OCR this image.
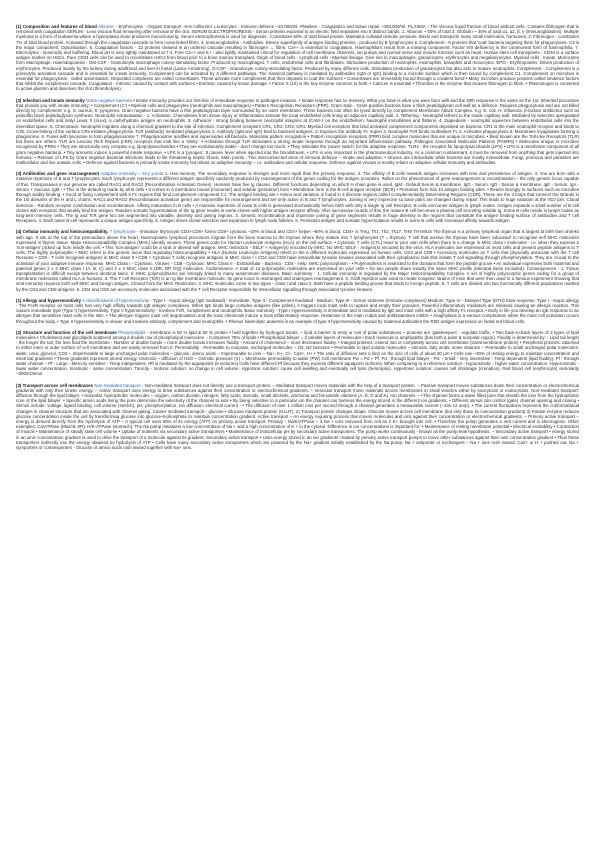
(1) Composition and features of blood Albumin - Erythrocytes - Oxygen transport ~5-6 million/ml. Leukocytes - Immune defence ~10,000/ml. Platelets - Coagulation and tissue repair ~400,000/ml. PLASMA - The viscous liquid fraction of blood without cells. Contains fibrinogen that is removed with coagulation SERUM - Less viscous fluid remaining after removal of the clot. SERUM ELECTROPHORESIS - Serum proteins exposed to an electric field separates into 5 distinct bands. 1. Albumin ~ 50% of total 2. Globulin ~ 40% of total α1, α2, β, γ (immunoglobulins). Multiple myeloma is a form of leukaemia where a hyperplasia clone produces monoclonal Ig. Serum electrophoresis is used for diagnosis - Constitutes 50% of total blood protein. Maintains colloidal osmotic pressure. Binds and transports many small molecules, hormones. 2. Fibrinogen - constitutes 7% of total blood protein. Activated through the coagulation cascade to form cross-linked fibrin. 4. Immunoglobulins - Antibodies. Eleven superfamily of antigen binding proteins - produced by B lymphocytes 5. Complement - 9 proteins that 'coat' bacteria targeting them for phagocytosis. C3 is the major component. Opsonisation. 6. Coagulation factors - 13 proteins cleaved in an ordered cascade resulting in fibrinogen → fibrin. Ca++ is essential to coagulation. Haemophilia's result from a missing component. Factor VIII deficiency is the commonest form of haemophilia. 7. Electrolytes - Isotonicity and buffering. Blood pH is very tightly maintained at 7.4. Free Ca++ and K+ - also tightly maintained critical for regulation of cell membrane channels, ion pumps and normal nerve and muscle function such as heart. Human stem cell transplants - CD34 is a surface antigen marker on HSCs. Pure CD34 cells can be used to reconstitute HSCs from blood prior to a bone marrow transplant. Origin of blood cells - Lymphoid cells - Myeloid lineage. Give rise to macrophages, granulocytes, erythrocytes and megakaryocytes. Myeloid cells - Innate. Monocytes form Macrophage. Haematopoiesis - GM-CSF - Granulocyte macrophage colony-stimulating factor. Produced by macrophages, T cells, endothelial cells and fibroblasts. Stimulates production of neutrophils, eosinophils, basophils and monocytes. EPO - Erythropoietin. Drives production of erythrocytes. Produced mainly by the kidney during adulthood and liver in foetal (Lance Armstrong). G-CSF - Granulocyte colony-stimulating factor. Produced by many different cells. Stimulates production of granulocytes but also acts to mature neutrophils. Complement - Complement is a proteolytic activation cascade and is essential for innate immunity. Complement can be activated by 3 different pathways. The classical pathway is mediated by antibodies (IgM or IgG) binding to a microbe surface which is then bound by complement C1. Complement on microbes is essential for phagocytosis - called opsonisation. Deposited complexes are called convertases. These activate more complement that then deposits to coat the surfaces • Convertases are irreversibly bound through a covalent bond • Many microbes produce proteins called virulence factors that inhibit the complement cascade. Coagulation - Intrinsic caused by contact with surfaces • Extrinsic caused by tissue damage. • Factor X (10) is the key enzyme common to both. • Calcium is essential • Thrombin is the enzyme that cleaves fibrinogen to fibrin. • Plasminogen is converted to active plasmin and dissolves the clot (thrombolysis).

(2) Infection and innate immunity Gram negative bacteria • Innate immunity provides our first-line of immediate response to pathogen invasion. • Innate response has no memory. What you have is what you were born with and the 20th response is the same as the 1st. Inherited processes that provide you with innate immunity: • Complement (C') • Myeloid cells and phagocytes (neutrophils and macrophages) • Pattern Recognition Receptors (PRR). Gram stain - Gram positive bacteria have a thick peptidoglycan cell wall as a defence. Requires phagocytosis and are not killed directly by complement; e.g. S. aureus, S. pyogenes. Gram negative bacteria have a thin peptidoglycan layer surrounded by an outer membrane. These bacteria can often be lysed directly by complement Membrane Attack Complex. e.g. E. coli, H. influenza. β-lactam antibiotics such as penicillin block peptidoglycan synthesis. Neutrophil extravasation - 1. Activation. Chemokines from tissue injury or inflammation activate the local endothelial cells lining an adjacent capillary wall. 2. Tethering - Neutrophil tethers to the inside capillary wall. Mediated by selectins upregulated on endothelial cells and sialyl Lewis X (sLex), a carbohydrate antigen on neutrophils. 3. Adhesion - strong binding between neutrophil integrins at ICAM-1 on the endothelium. Neutrophil immobilises and flattens. 4. Diapedesis - neutrophil squeezes between endothelial cells into the interstitial space. 5. Chemotaxis. Neutrophil migrates along a chemical gradient to the site of infection. Complement receptors CR1, CR2, CR3, CR4. Myeloid cell receptors that bind activated complement components deposited on bacteria. CR1 is the main neutrophil receptor and binds to C3b. Cross-linking of the surface CRs initiates phagocytosis. FcR (antibody) mediated phagocytosis 1. Antibody (IgM and IgG) bind to bacterial antigens. 2. Exposes the antibody Fc region 3. Neutrophil FcR binds multivalent Fc 4. Activates phagocytosis 5. Membrane invaginates forming a phagosome. 6. Fuses with lysosome to form phagolysosome 7. Phagolysosome acidifies and superoxides kill bacteria. Molecular pattern recognition • Pattern recognition receptors (PRR) bind complex molecules that are unique to microbes. • Best known are the Toll-Like Receptors (TLR) but there are others. TLR are Leucine Rich Repeat (LRR) receptors that look like a 'slinky'. • Activation through TLR stimulates a strong innate response through an important inflammation pathway. Pathogen Associated Molecular Patterns (PAMPs) • Molecules unique to microbes recognised by PRRs • They are structurally very complex e.g. lipopolysaccharides • They are evolutionarily stable - don't change too much. • They stimulate the 'power switch' for the adaptive response. TLR4 - the receptor for lipopolysaccharide (LPS) • LPS is a membrane component of all gram negative bacteria. • Tiny amounts induce a powerful innate response. • LPS is a 'pyrogen'. It causes fever when injected into the bloodstream. • LPS is very important in the pharmaceutical industry. As a common contaminant, it must be removed from anything that gets injected into humans. • Release of LPS by Gram negative bacterial infections leads to life threatening Septic Shock. Main points - Two interconnected arms of immune defence – innate and adaptive. • Viruses are intracellular while bacteria are mostly extracellular. Fungi, protozoa and parasites are multicellular and live outside cells. • Defence against bacteria is primarily innate immunity but reliant on adaptive immunity – i.e. antibodies and cellular response. Defence against viruses is mostly reliant on adaptive cellular immunity and antibodies.

(3) Antibodies and gene rearrangement Adaptive immunity – Key points 1. Has memory. The secondary response is stronger and more rapid than the primary response. 2. The affinity of B cells towards antigen increases with time and persistence of antigen. 3. You are born with a massive repertoire of B and T lymphocytes. Each lymphocyte represents a different antigen specificity randomly produced by rearrangement of the genes coding for the antigen receptors. Relies on the phenomenon of gene rearrangement or recombination – the only genetic locus capable of this. Transposases in our genome are called RAG1 and RAG2 (Recombination Activation Genes). Humans have five Ig classes. Different functions depending on which H chain gene is used. IgM - Default Serum & membrane. IgG - Serum. IgD - Serum & membrane. IgE - Serum. IgA - Serum + mucosa. IgM - • This is the default Ig made by all B cells • It comes in a membrane bound (monomer) and soluble (pentamer) form • Membrane form is the B-cell antigen receptor (BCR) • Pentamer form has 10 antigen binding sites. • Reacts strongly to surfaces such as microbes through avidity binding. • Good at fixing complement with 5 Fc regions that bind complement component C1. The antigen binding site • Amino acid variation is found in 3 discrete regions called Complementarity Determining Regions (CDR). These are the 3 loops that connect the strands in the 1st domains of the H and L chains. RAG1 and RAG2 (Recombination activation gene) are responsible for rearrangement and are only active in B and T lymphocytes. Joining is very imprecise so base pairs are changed during repair. This leads to huge variation at the VDJ join. Clonal selection - Random receptor combination and recombination. Affinity maturation in B cells • A massive repertoire of naive B cells is generated stochastically before birth with only a single Ig cell Receptor. B cells encounter antigen in lymph nodes. Antigen expands a small number of B cell clones with receptors that weakly bind the antigen. Random somatic hypermutation of the Ig gene results in some clones with higher antigen receptor affinity. After successive rounds of this, the mature B cell becomes a plasma cell secreting soluble Ig. Some B cells reside in lymph nodes as long-term memory cells. The Ig and TcR gene loci are segmented into variable, diversity and joining regions. 3. Genetic recombination and imprecise joining of gene segments results in huge diversity in the regions that constitute the antigen binding surface of antibodies and T cell Receptors. 4. Each naive B-cell represents a unique antigen specificity. 5. Antigen drives clonal selection and expansion in lymph node follicles. 6. Persistent antigen and somatic hypermutation results in some B cells with increased affinity towards antigen.

(4) Cellular immunity and histocompatibility. T lymphocyte - Immature thymocyte CD4+CD8+ forms CD8+ cytotoxic ~20% in blood and CD4+ helper ~80% in blood, CD4+ is Treg, Th1, Th2, Th17. THE THYMUS The thymus is a primary lymphoid organ that is largest at birth then shrinks with age. It sits at the top of the pericardium above the heart. Haemopoietic lymphoid precursors migrate from the bone marrow to the thymus where they mature into T lymphocytes (T = thymus). T cell that survive the thymus have been 'educated' to recognise self MHC molecules expressed in thymic tissue. Major Histocompatibility Complex (MHC) identify viruses. These genes code for Human Leukocyte Antigens (HLA) on the cell surface. • Cytotoxic T cells (CTL) react to your own cells when there is a change in MHC class I molecules - i.e. when they express a 'non-antigen' picked up from inside the cell. • This 'non-antigen' could be a viral or altered self antigen. MHC restriction - SELF + Antigen(s) encoded by MHC. No MHC SELF - Antigen(s) encoded by the virus. HLA molecules are expressed on most cells and present peptide antigens to T cells. The highly polymorphic • MHC refers to the genetic locus that regulating histocompatibility • HLA (Human Leukocyte Antigens) refers to the 6 different molecules expressed on human cells. CD4 and CD8 • Accessory molecules on T cells that physically associate with the T cell Receptor • CD8 - T cells recognise antigens in MHC class II • CD8 + Cytotoxic T cells recognise antigens in MHC class I • CD4 and CD8 have intracellular tyrosine kinases associated with their cytoplasmic tails that initiate T cell signalling through phosphorylation. They are crucial to the activation of your adaptive immune response. MHC Class I - Cytotoxic. Viruses - CD8 - Cytotoxic. MHC Class II - Extracellular - Bacteria - CD4 - Help. MHC polymorphism - • Polymorphism is restricted to the domains that form the peptide groove • An individual expresses both maternal and paternal genes 2 x 3 MHC class I (A, B, C) and 2 x 3 MHC class II (DR, DP, DQ) molecules. Codominance. A total of 12 polymorphic molecules are expressed on your cells • No two people share exactly the same MHC profile (identical twins excluded). Consequences - 1. Tissue transplantation is difficult except between identical twins. 2. MHC polymorphisms are strongly linked to many autoimmune diseases. Basic summary - 1. Cellular immunity is regulated by the Major Histocompatibility Complex. A set of highly polymorphic genes coding for a group of membrane molecules called HLA in humans. 3. The T cell Receptor (TcR) is an Ig like membrane molecule. Its gene locus is rearranged and undergoes rearrangement. 3. Graft rejection was used to create congenic strains of mice that were then used in a famous experiment showing that viral immunity requires both self MHC and foreign antigen. Cloned from the MHC Restriction. 4. MHC molecules come in two types - class I and class II. Both have a peptide binding groove that binds to foreign peptide. 5. T cells are divided into two functionally different populations marked by the CD4 and CD8 antigens. 6. CD4 and CD8 are accessory molecules associated with the T cell Receptor responsible for intracellular signalling through associated tyrosine kinases.

(1) Allergy and hypersensitivity 4 classifications of hypersensitivity - Type I - Atopic allergy (IgE mediated) - Immediate. Type II - Complement mediated - Medium. Type III - Serum sickness (Immune complexes) Medium. Type IV - Delayed Type (DTH) Slow response. Type I - Atopic allergy - The FcεR receptor on mast cells has very high affinity towards IgE antigen complexes. When IgE binds large complex antigens (like pollen), it triggers local mast cells to rupture and empty their granules. Powerful inflammatory mediators are released causing an allergic reaction. This causes immediate type (Type I) hypersensitivity. Type II hypersensitivity - Involves FcR, complement and neutrophils. Basic summary - Type I Hypersensitivity is immediate and is mediated by IgE and mast cells with a high affinity Fc receptor. • Early in life you develop an IgE response to an allergen that sensitises mast cells in the skin. • The allergen triggers mast cell degranulation and the toxic chemicals induce a local inflammatory response. Histamine is the main culprit and antihistamines inhibit. • Anaphylaxis is a serious complication when the mast cell activation occurs throughout the body. • Type II hypersensitivity is slower and involves antibody, complement and neutrophils. • Rhesus haemolytic anaemia is an example of type II hypersensitivity caused by maternal antibodies the RhD antigen expressed on foetal red blood cells.

(2) Structure and function of the cell membrane Phospholipids - membrane is 50 % lipid & 50 % protein • held together by hydrogen bonds, ~ lipid is barrier to entry or exit of polar substances ~ proteins are 'gatekeepers' - regulate traffic. • Two back-to-back layers of 3 types of lipid molecules • Cholesterol and glycolipids scattered among a double row of phospholipid molecules. - Comprises 75% of lipids • Phospholipid bilayer = 2 parallel layers of molecules • Each molecule is amphipathic (has both a polar & nonpolar region). Fluidity is determined by: - Lipid tail length - the longer the tail, the less fluid the membrane - Number of double bonds – more double bonds increases fluidity - Amount of cholesterol – more decreases fluidity. • Integral proteins: extend into or completely across cell membrane (transmembrane protein) • Peripheral proteins: attached to either inner or outer surface of cell membrane and are easily removed from it. Permeability - Permeable to nonpolar, uncharged molecules – O2, N2 benzene • Permeable to lipid soluble molecules – steroids, fatty acids, some vitamins – Permeable to small uncharged polar molecules: water, urea, glycerol, CO2 – Impermeable to large uncharged polar molecules – glucose, amino acids – Impermeable to ions – Na+, K+, Cl-, Ca2+, H+ • The ratio of diffusion sets a limit on the size of cells of about 20 μm • Cells use ~30% of resting energy to maintain concentration and electrical gradients • These gradients represent stored energy. Osmosis – diffusion of H2O – Osmotic pressure (π) = Membrane permeability to water (PW) Cell membrane Pw = Pd + Pf. Pd - through lipid bilayer - Pd. - Small - Very insensitive - Temp dependent (lipid fluidity). Pf - through water channel – Pf - Large - Mercury sensitive - Temp independent. •Pf is mediated by the aquaporins (9 isoforms) Cells have different Pf because they express different aquaporin isoforms. When comparing to a reference solution - Hypoosmotic - higher water concentration. Hyperosmotic - lower water concentration. Isosmotic - same concentration. Tonicity - Isotonic solution: no change in cell volume. Hypotonic solution: cause cell swelling and eventually cell lysis (hemolysis). Hypertonic solution: causes cell shrinkage (crenation). Red blood cell (erythrocyte) osmolarity ~300mOsmol

(3) Transport across cell membranes Non-mediated transport - Non-mediated transport does not directly use a transport protein. – Mediated transport moves materials with the help of a transport protein. – Passive transport moves substances down their concentration or electrochemical gradients with only their kinetic energy. – Active transport uses energy to drive substances against their concentration or electrochemical gradients. – Vesicular transport move materials across membranes in small vesicles either by exocytosis or endocytosis. Non-mediated transport: diffusion through the lipid bilayer. • Nonpolar, hydrophobic molecules – oxygen, carbon dioxide, nitrogen, fatty acids, steroids, small alcohols, ammonia and fat-soluble vitamins (A, E, D and K). Ion channels – • The channel forms a water filled pore that shields the ions from the hydrophobic core of the lipid bilayer. • Specific amino acids lining the pore determine the selectivity of the channel to ions • By being selective to a particular ion the channel can harness the energy stored in the different ion gradients. • Different stimuli can control (gate) channel opening and closing • Stimuli include: voltage, ligand binding, cell volume (stretch), pH, phosphorylation. Ion diffusion: electrical current - • The diffusion of over 1 million ions per second through a channel generates a measurable current (~10s-12 amp). • The current fluctuations represent the conformational changes in channel structure that are associated with channel gating. Carrier mediated transport - glucose • Glucose transport protein (GLUT). 2) Transport protein changes shape. Glucose moves across cell membrane (but only down its concentration gradient) 3) Kinase enzyme reduces glucose concentration inside the cell by transforming glucose into glucose-6-phosphate to maintain concentration gradient. Active transport – An energy requiring process that moves molecules and ions against their concentration or electrochemical gradients. – Primary active transport – energy is derived directly from the hydrolysis of ATP – A typical cell uses 30% of its energy (ATP) on primary active transport. Primary - Na/K/ATPase – 3 Na + ions removed from cell as 2 K+ brought into cell. • Therefore the pump generates a nett current and is electrogenic. Other examples: Ca/ATPase (Muscle SR), H/K-ATPase (stomach). The Na pump maintains a low concentration of Na + and a high concentration of K + in the cytosol. Difference in ion concentrations is important for: • Maintenance of resting membrane potential • Electrical excitability • Contraction of muscle • Maintenance of steady state cell volume • Uptake of nutrients via secondary active transporters • Maintenance of intracellular pH by secondary active transporters. The pump works continuously - known as the pump-leak hypothesis. – Secondary active transport • energy stored in an ionic concentration gradient is used to drive the transport of a molecule against its gradient. Secondary active transport • Uses energy stored in an ion gradients created by primary active transport pumps to move other substances against their own concentration gradient • Thus these transporters indirectly use the energy obtained by hydrolysis of ATP • Cells have many secondary active transporters which are powered by the Na+ gradient initially established by the Na pump. Na + antiporter or exchangers – Na + ions rush inward, Ca2+ or H + pushed out. Na + symporters or cotransporters - Glucose or amino acids rush inward together with Na+ ions.
